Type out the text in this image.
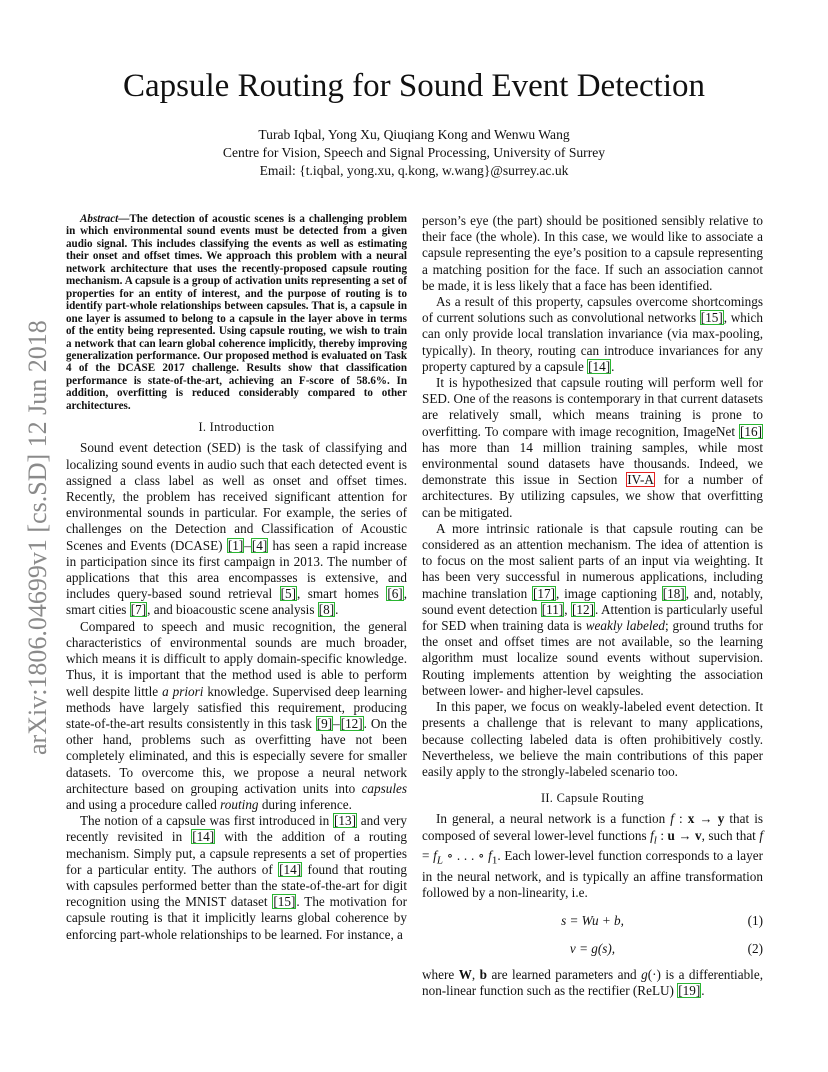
arXiv:1806.04699v1 [cs.SD] 12 Jun 2018
Capsule Routing for Sound Event Detection
Turab Iqbal, Yong Xu, Qiuqiang Kong and Wenwu Wang
Centre for Vision, Speech and Signal Processing, University of Surrey
Email: {t.iqbal, yong.xu, q.kong, w.wang}@surrey.ac.uk

Abstract—The detection of acoustic scenes is a challenging problem in which environmental sound events must be detected from a given audio signal. This includes classifying the events as well as estimating their onset and offset times. We approach this problem with a neural network architecture that uses the recently-proposed capsule routing mechanism. A capsule is a group of activation units representing a set of properties for an entity of interest, and the purpose of routing is to identify part-whole relationships between capsules. That is, a capsule in one layer is assumed to belong to a capsule in the layer above in terms of the entity being represented. Using capsule routing, we wish to train a network that can learn global coherence implicitly, thereby improving generalization performance. Our proposed method is evaluated on Task 4 of the DCASE 2017 challenge. Results show that classification performance is state-of-the-art, achieving an F-score of 58.6%. In addition, overfitting is reduced considerably compared to other architectures.

I. Introduction

Sound event detection (SED) is the task of classifying and localizing sound events in audio such that each detected event is assigned a class label as well as onset and offset times. Recently, the problem has received significant attention for environmental sounds in particular. For example, the series of challenges on the Detection and Classification of Acoustic Scenes and Events (DCASE) [1]–[4] has seen a rapid increase in participation since its first campaign in 2013. The number of applications that this area encompasses is extensive, and includes query-based sound retrieval [5], smart homes [6], smart cities [7], and bioacoustic scene analysis [8].

Compared to speech and music recognition, the general characteristics of environmental sounds are much broader, which means it is difficult to apply domain-specific knowledge. Thus, it is important that the method used is able to perform well despite little a priori knowledge. Supervised deep learning methods have largely satisfied this requirement, producing state-of-the-art results consistently in this task [9]–[12]. On the other hand, problems such as overfitting have not been completely eliminated, and this is especially severe for smaller datasets. To overcome this, we propose a neural network architecture based on grouping activation units into capsules and using a procedure called routing during inference.

The notion of a capsule was first introduced in [13] and very recently revisited in [14] with the addition of a routing mechanism. Simply put, a capsule represents a set of properties for a particular entity. The authors of [14] found that routing with capsules performed better than the state-of-the-art for digit recognition using the MNIST dataset [15]. The motivation for capsule routing is that it implicitly learns global coherence by enforcing part-whole relationships to be learned. For instance, a

person’s eye (the part) should be positioned sensibly relative to their face (the whole). In this case, we would like to associate a capsule representing the eye’s position to a capsule representing a matching position for the face. If such an association cannot be made, it is less likely that a face has been identified.

As a result of this property, capsules overcome shortcomings of current solutions such as convolutional networks [15], which can only provide local translation invariance (via max-pooling, typically). In theory, routing can introduce invariances for any property captured by a capsule [14].

It is hypothesized that capsule routing will perform well for SED. One of the reasons is contemporary in that current datasets are relatively small, which means training is prone to overfitting. To compare with image recognition, ImageNet [16] has more than 14 million training samples, while most environmental sound datasets have thousands. Indeed, we demonstrate this issue in Section IV-A for a number of architectures. By utilizing capsules, we show that overfitting can be mitigated.

A more intrinsic rationale is that capsule routing can be considered as an attention mechanism. The idea of attention is to focus on the most salient parts of an input via weighting. It has been very successful in numerous applications, including machine translation [17], image captioning [18], and, notably, sound event detection [11], [12]. Attention is particularly useful for SED when training data is weakly labeled; ground truths for the onset and offset times are not available, so the learning algorithm must localize sound events without supervision. Routing implements attention by weighting the association between lower- and higher-level capsules.

In this paper, we focus on weakly-labeled event detection. It presents a challenge that is relevant to many applications, because collecting labeled data is often prohibitively costly. Nevertheless, we believe the main contributions of this paper easily apply to the strongly-labeled scenario too.

II. Capsule Routing

In general, a neural network is a function f : x → y that is composed of several lower-level functions $f_l$ : u → v, such that $f = f_L$ ∘ . . . ∘ $f_1$. Each lower-level function corresponds to a layer in the neural network, and is typically an affine transformation followed by a non-linearity, i.e.

s = Wu + b,	(1)
v = g(s),	(2)

where W, b are learned parameters and g(·) is a differentiable, non-linear function such as the rectifier (ReLU) [19].
